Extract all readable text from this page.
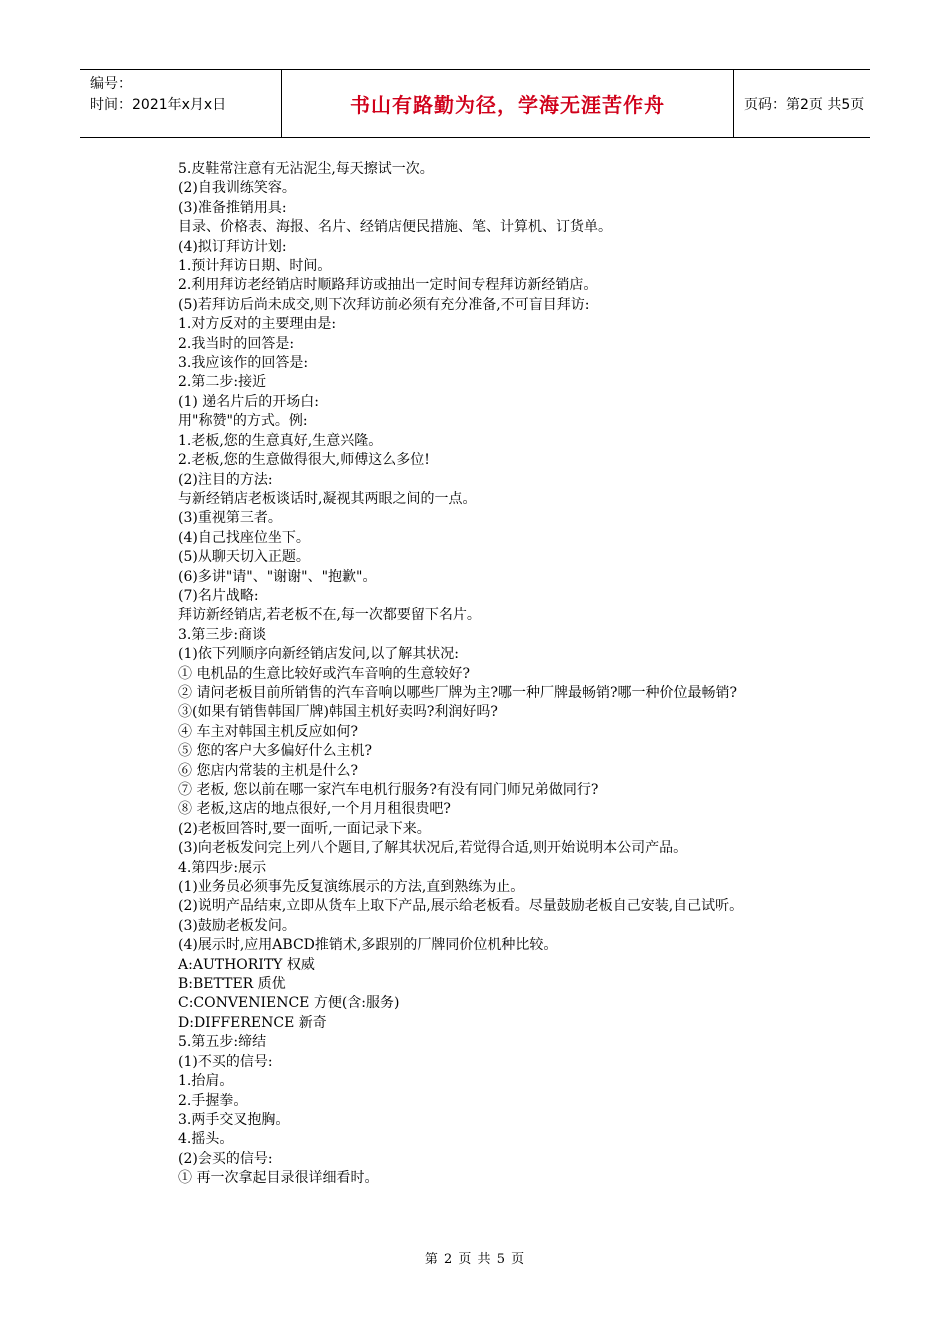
编号：
时间：2021年x月x日	书山有路勤为径，学海无涯苦作舟	页码：第2页 共5页

5.皮鞋常注意有无沾泥尘,每天擦试一次。

(2)自我训练笑容。

(3)准备推销用具:

目录、价格表、海报、名片、经销店便民措施、笔、计算机、订货单。

(4)拟订拜访计划:

1.预计拜访日期、时间。

2.利用拜访老经销店时顺路拜访或抽出一定时间专程拜访新经销店。

(5)若拜访后尚未成交,则下次拜访前必须有充分准备,不可盲目拜访:

1.对方反对的主要理由是:

2.我当时的回答是:

3.我应该作的回答是:

2.第二步:接近

(1) 递名片后的开场白:

用"称赞"的方式。例:

1.老板,您的生意真好,生意兴隆。

2.老板,您的生意做得很大,师傅这么多位!

(2)注目的方法:

与新经销店老板谈话时,凝视其两眼之间的一点。

(3)重视第三者。

(4)自己找座位坐下。

(5)从聊天切入正题。

(6)多讲"请"、"谢谢"、"抱歉"。

(7)名片战略:

拜访新经销店,若老板不在,每一次都要留下名片。

3.第三步:商谈

(1)依下列顺序向新经销店发问,以了解其状况:

① 电机品的生意比较好或汽车音响的生意较好?

② 请问老板目前所销售的汽车音响以哪些厂牌为主?哪一种厂牌最畅销?哪一种价位最畅销?

③(如果有销售韩国厂牌)韩国主机好卖吗?利润好吗?

④ 车主对韩国主机反应如何?

⑤ 您的客户大多偏好什么主机?

⑥ 您店内常装的主机是什么?

⑦ 老板, 您以前在哪一家汽车电机行服务?有没有同门师兄弟做同行?

⑧ 老板,这店的地点很好,一个月月租很贵吧?

(2)老板回答时,要一面听,一面记录下来。

(3)向老板发问完上列八个题目,了解其状况后,若觉得合适,则开始说明本公司产品。

4.第四步:展示

(1)业务员必须事先反复演练展示的方法,直到熟练为止。

(2)说明产品结束,立即从货车上取下产品,展示给老板看。尽量鼓励老板自己安装,自己试听。

(3)鼓励老板发问。

(4)展示时,应用ABCD推销术,多跟别的厂牌同价位机种比较。

A:AUTHORITY 权威

B:BETTER 质优

C:CONVENIENCE 方便(含:服务)

D:DIFFERENCE 新奇

5.第五步:缔结

(1)不买的信号:

1.抬肩。

2.手握拳。

3.两手交叉抱胸。

4.摇头。

(2)会买的信号:

① 再一次拿起目录很详细看时。

第 2 页 共 5 页
